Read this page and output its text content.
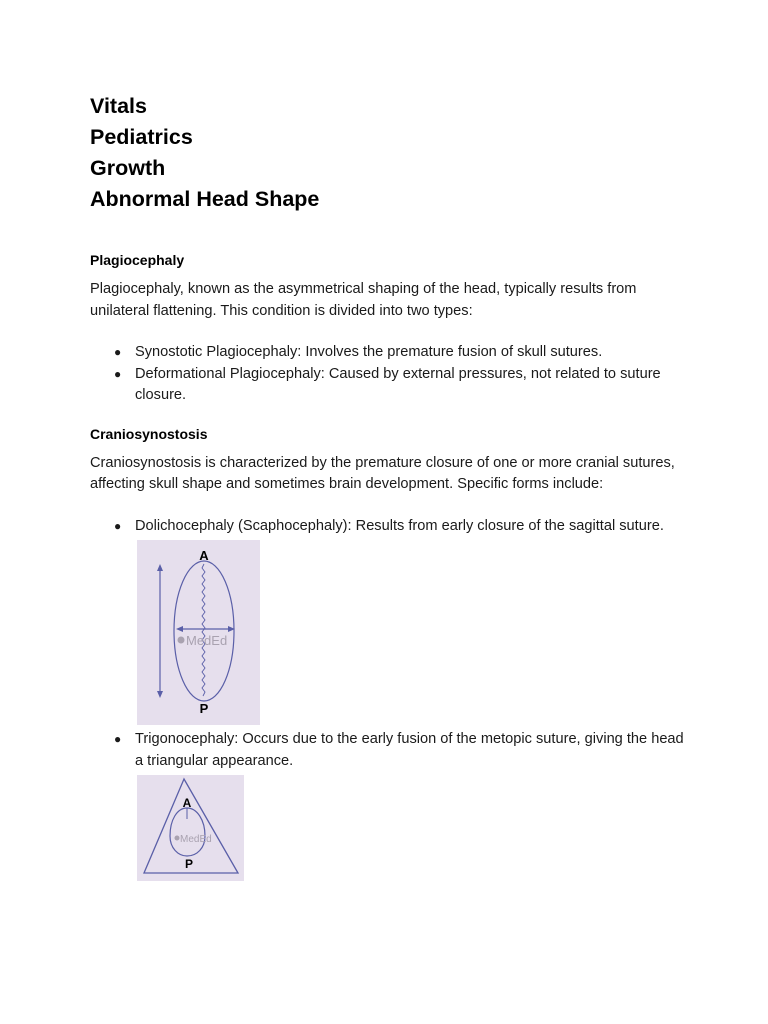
Vitals
Pediatrics
Growth
Abnormal Head Shape

Plagiocephaly

Plagiocephaly, known as the asymmetrical shaping of the head, typically results from unilateral flattening. This condition is divided into two types:

● Synostotic Plagiocephaly: Involves the premature fusion of skull sutures.
● Deformational Plagiocephaly: Caused by external pressures, not related to suture closure.

Craniosynostosis

Craniosynostosis is characterized by the premature closure of one or more cranial sutures, affecting skull shape and sometimes brain development. Specific forms include:

● Dolichocephaly (Scaphocephaly): Results from early closure of the sagittal suture.
MedEd
A
P
● Trigonocephaly: Occurs due to the early fusion of the metopic suture, giving the head a triangular appearance.
MedEd
A
P
